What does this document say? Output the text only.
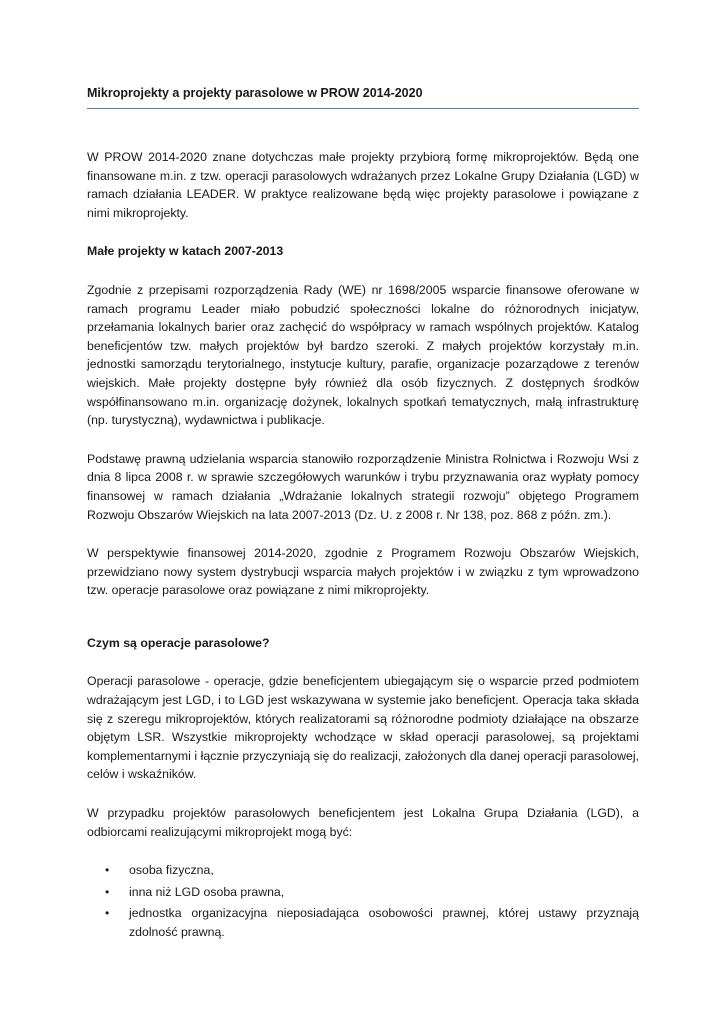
Mikroprojekty a projekty parasolowe w PROW 2014-2020

W PROW 2014-2020 znane dotychczas małe projekty przybiorą formę mikroprojektów. Będą one finansowane m.in. z tzw. operacji parasolowych wdrażanych przez Lokalne Grupy Działania (LGD) w ramach działania LEADER. W praktyce realizowane będą więc projekty parasolowe i powiązane z nimi mikroprojekty.

Małe projekty w katach 2007-2013

Zgodnie z przepisami rozporządzenia Rady (WE) nr 1698/2005 wsparcie finansowe oferowane w ramach programu Leader miało pobudzić społeczności lokalne do różnorodnych inicjatyw, przełamania lokalnych barier oraz zachęcić do współpracy w ramach wspólnych projektów. Katalog beneficjentów tzw. małych projektów był bardzo szeroki. Z małych projektów korzystały m.in. jednostki samorządu terytorialnego, instytucje kultury, parafie, organizacje pozarządowe z terenów wiejskich. Małe projekty dostępne były również dla osób fizycznych. Z dostępnych środków współfinansowano m.in. organizację dożynek, lokalnych spotkań tematycznych, małą infrastrukturę (np. turystyczną), wydawnictwa i publikacje.

Podstawę prawną udzielania wsparcia stanowiło rozporządzenie Ministra Rolnictwa i Rozwoju Wsi z dnia 8 lipca 2008 r. w sprawie szczegółowych warunków i trybu przyznawania oraz wypłaty pomocy finansowej w ramach działania „Wdrażanie lokalnych strategii rozwoju” objętego Programem Rozwoju Obszarów Wiejskich na lata 2007-2013 (Dz. U. z 2008 r. Nr 138, poz. 868 z późn. zm.).

W perspektywie finansowej 2014-2020, zgodnie z Programem Rozwoju Obszarów Wiejskich, przewidziano nowy system dystrybucji wsparcia małych projektów i w związku z tym wprowadzono tzw. operacje parasolowe oraz powiązane z nimi mikroprojekty.

Czym są operacje parasolowe?

Operacji parasolowe - operacje, gdzie beneficjentem ubiegającym się o wsparcie przed podmiotem wdrażającym jest LGD, i to LGD jest wskazywana w systemie jako beneficjent. Operacja taka składa się z szeregu mikroprojektów, których realizatorami są różnorodne podmioty działające na obszarze objętym LSR. Wszystkie mikroprojekty wchodzące w skład operacji parasolowej, są projektami komplementarnymi i łącznie przyczyniają się do realizacji, założonych dla danej operacji parasolowej, celów i wskaźników.

W przypadku projektów parasolowych beneficjentem jest Lokalna Grupa Działania (LGD), a odbiorcami realizującymi mikroprojekt mogą być:

• osoba fizyczna,
• inna niż LGD osoba prawna,
• jednostka organizacyjna nieposiadająca osobowości prawnej, której ustawy przyznają zdolność prawną.
